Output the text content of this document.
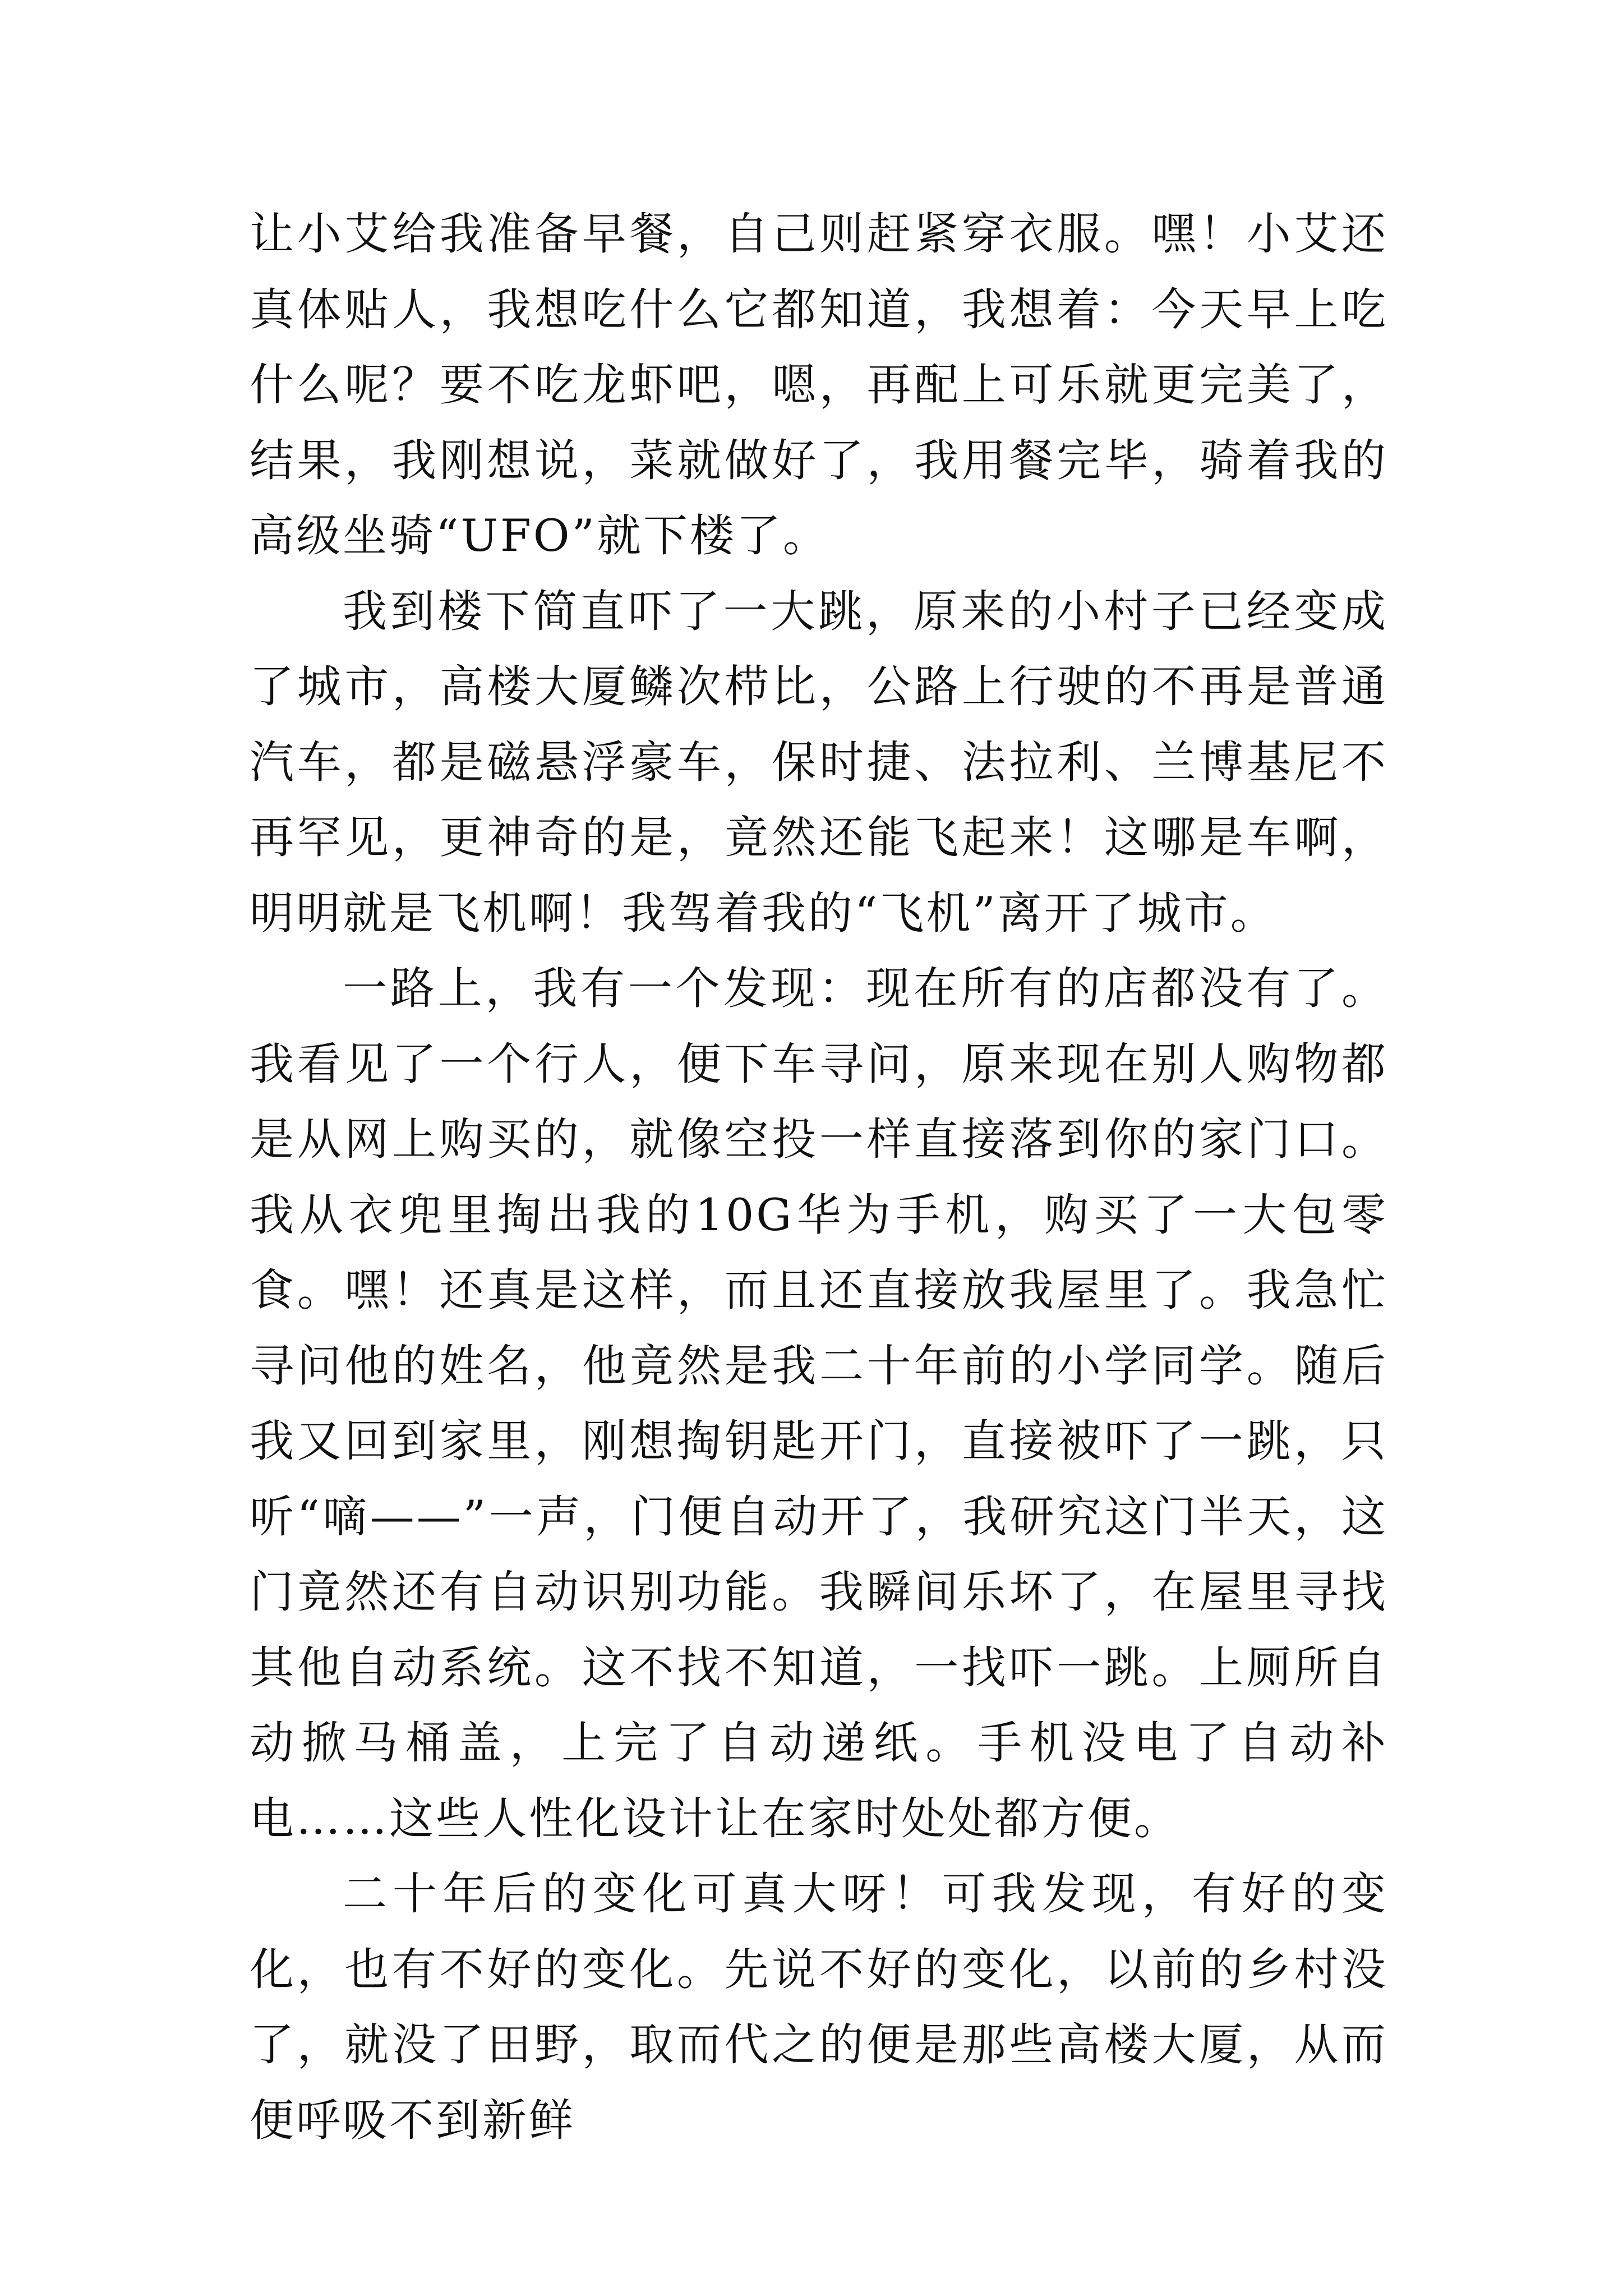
让小艾给我准备早餐，自己则赶紧穿衣服。嘿！小艾还真体贴人，我想吃什么它都知道，我想着：今天早上吃什么呢？要不吃龙虾吧，嗯，再配上可乐就更完美了，结果，我刚想说，菜就做好了，我用餐完毕，骑着我的高级坐骑“UFO”就下楼了。

我到楼下简直吓了一大跳，原来的小村子已经变成了城市，高楼大厦鳞次栉比，公路上行驶的不再是普通汽车，都是磁悬浮豪车，保时捷、法拉利、兰博基尼不再罕见，更神奇的是，竟然还能飞起来！这哪是车啊，明明就是飞机啊！我驾着我的“飞机”离开了城市。

一路上，我有一个发现：现在所有的店都没有了。我看见了一个行人，便下车寻问，原来现在别人购物都是从网上购买的，就像空投一样直接落到你的家门口。我从衣兜里掏出我的10G华为手机，购买了一大包零食。嘿！还真是这样，而且还直接放我屋里了。我急忙寻问他的姓名，他竟然是我二十年前的小学同学。随后我又回到家里，刚想掏钥匙开门，直接被吓了一跳，只听“嘀——”一声，门便自动开了，我研究这门半天，这门竟然还有自动识别功能。我瞬间乐坏了，在屋里寻找其他自动系统。这不找不知道，一找吓一跳。上厕所自动掀马桶盖，上完了自动递纸。手机没电了自动补电……这些人性化设计让在家时处处都方便。

二十年后的变化可真大呀！可我发现，有好的变化，也有不好的变化。先说不好的变化，以前的乡村没了，就没了田野，取而代之的便是那些高楼大厦，从而便呼吸不到新鲜
